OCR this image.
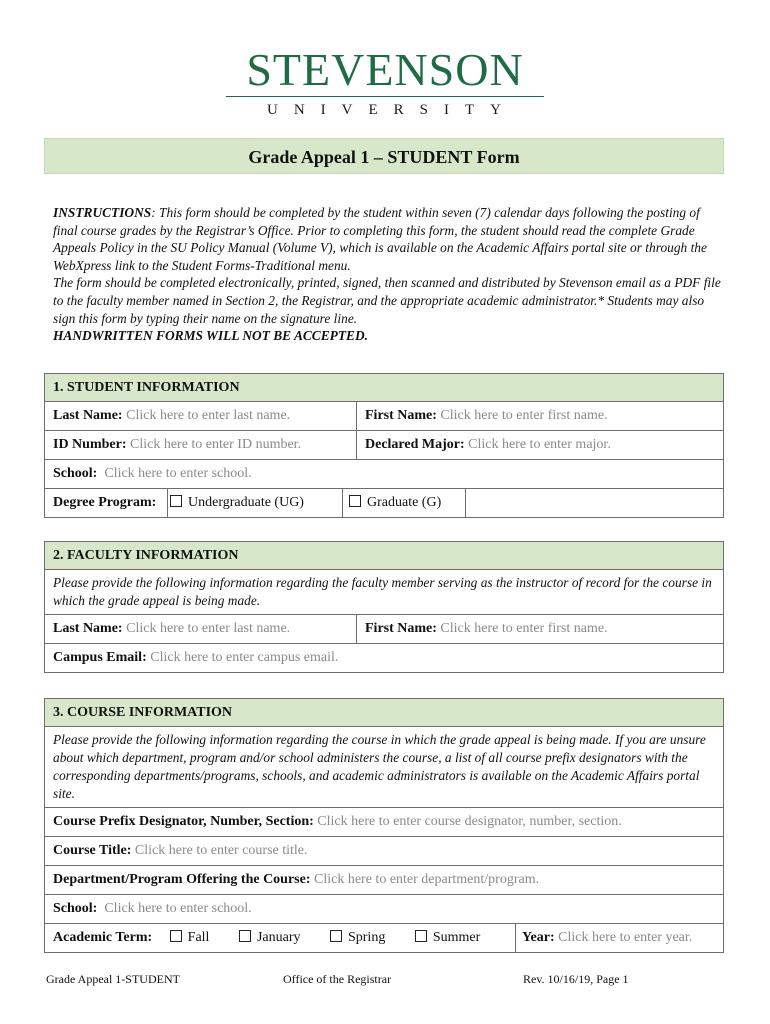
STEVENSON
UNIVERSITY
Grade Appeal 1 – STUDENT Form

INSTRUCTIONS: This form should be completed by the student within seven (7) calendar days following the posting of final course grades by the Registrar’s Office. Prior to completing this form, the student should read the complete Grade Appeals Policy in the SU Policy Manual (Volume V), which is available on the Academic Affairs portal site or through the WebXpress link to the Student Forms-Traditional menu.

The form should be completed electronically, printed, signed, then scanned and distributed by Stevenson email as a PDF file to the faculty member named in Section 2, the Registrar, and the appropriate academic administrator.* Students may also sign this form by typing their name on the signature line.

HANDWRITTEN FORMS WILL NOT BE ACCEPTED.

1. STUDENT INFORMATION
Last Name: Click here to enter last name.	First Name: Click here to enter first name.
ID Number: Click here to enter ID number.	Declared Major: Click here to enter major.
School: Click here to enter school.
Degree Program:	Undergraduate (UG)	Graduate (G)
2. FACULTY INFORMATION
Please provide the following information regarding the faculty member serving as the instructor of record for the course in which the grade appeal is being made.
Last Name: Click here to enter last name.	First Name: Click here to enter first name.
Campus Email: Click here to enter campus email.
3. COURSE INFORMATION
Please provide the following information regarding the course in which the grade appeal is being made. If you are unsure about which department, program and/or school administers the course, a list of all course prefix designators with the corresponding departments/programs, schools, and academic administrators is available on the Academic Affairs portal site.
Course Prefix Designator, Number, Section: Click here to enter course designator, number, section.
Course Title: Click here to enter course title.
Department/Program Offering the Course: Click here to enter department/program.
School: Click here to enter school.
Academic Term:	Fall	January	Spring	Summer	Year: Click here to enter year.
Grade Appeal 1-STUDENT	Office of the Registrar	Rev. 10/16/19, Page 1
